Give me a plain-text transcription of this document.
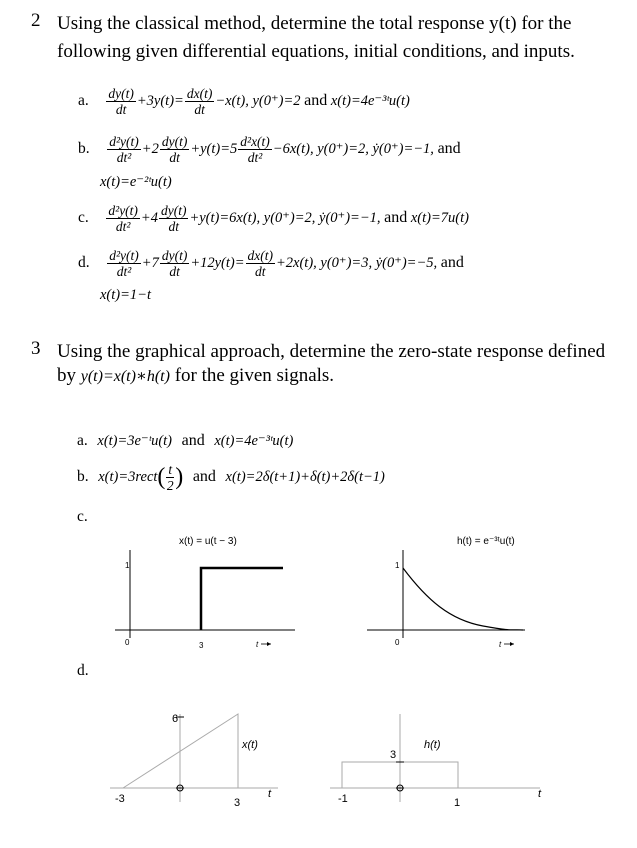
2 Using the classical method, determine the total response y(t) for the
following given differential equations, initial conditions, and inputs.
a. $\frac{dy(t)}{dt} +3y(t)= \frac{dx(t)}{dt} -x(t)$, y(0⁺)=2 and x(t)=4e⁻³ᵗu(t)
b. $\frac{\text{d²y(t)}}{\text{dt²}} +2 \frac{dy(t)}{dt} +y(t)=5 \frac{\text{d²x(t)}}{\text{dt²}} -6x(t)$, y(0⁺)=2, ẏ(0⁺)=−1, and
x(t)=e⁻²ᵗu(t)
c. $\frac{\text{d²y(t)}}{\text{dt²}} +4 \frac{dy(t)}{dt} +y(t)=6x(t)$, y(0⁺)=2, ẏ(0⁺)=−1, and x(t)=7u(t)
d. $\frac{\text{d²y(t)}}{\text{dt²}} +7 \frac{dy(t)}{dt} +12y(t)= \frac{dx(t)}{dt} +2x(t)$, y(0⁺)=3, ẏ(0⁺)=−5, and
x(t)=1−t
3 Using the graphical approach, determine the zero-state response defined
by y(t)=x(t)∗h(t) for the given signals.
a. x(t)=3e⁻ᵗu(t) and x(t)=4e⁻³ᵗu(t)
b. x(t)=3rect( $\frac{t}{2}$ ) and x(t)=2δ(t+1)+δ(t)+2δ(t−1)
c.
x(t) = u(t − 3)
1
0	3	t
h(t) = e⁻³ᵗu(t)
1
0	t
d.
6
-3	3
x(t)
t
3
-1	1
h(t)
t
